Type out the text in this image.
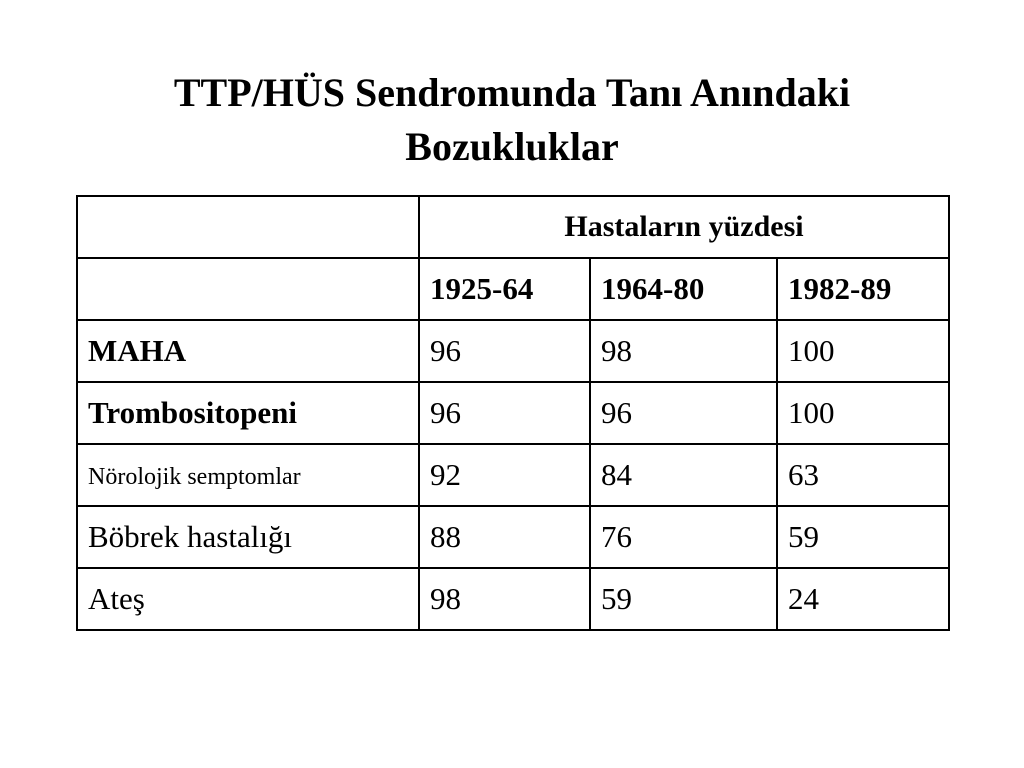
TTP/HÜS Sendromunda Tanı Anındaki
Bozukluklar
	Hastaların yüzdesi		
	1925-64	1964-80	1982-89
MAHA	96	98	100
Trombositopeni	96	96	100
Nörolojik semptomlar	92	84	63
Böbrek hastalığı	88	76	59
Ateş	98	59	24
